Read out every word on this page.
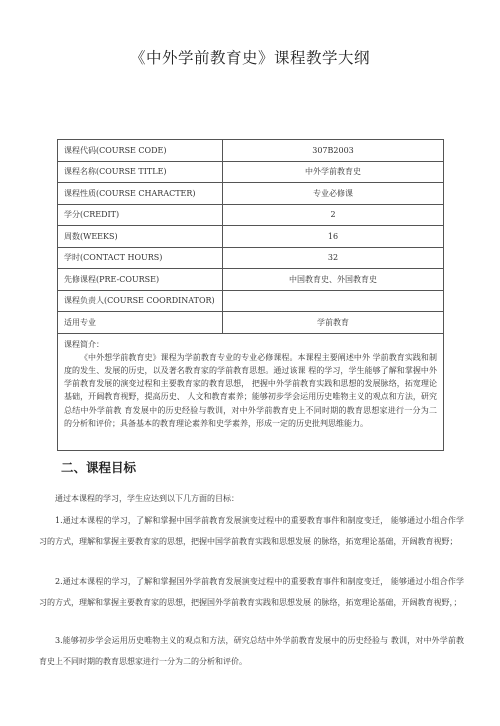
《中外学前教育史》课程教学大纲
课程代码(COURSE CODE)	307B2003
课程名称(COURSE TITLE)	中外学前教育史
课程性质(COURSE CHARACTER)	专业必修课
学分(CREDIT)	2
周数(WEEKS)	16
学时(CONTACT HOURS)	32
先修课程(PRE-COURSE)	中国教育史、外国教育史
课程负责人(COURSE COORDINATOR)	
适用专业	学前教育

课程简介：
《中外想学前教育史》课程为学前教育专业的专业必修课程。本课程主要阐述中外 学前教育实践和制度的发生、发展的历史，以及著名教育家的学前教育思想。通过该课 程的学习，学生能够了解和掌握中外学前教育发展的演变过程和主要教育家的教育思想， 把握中外学前教育实践和思想的发展脉络，拓宽理论基础，开阔教育视野，提高历史、 人文和教育素养；能够初步学会运用历史唯物主义的观点和方法，研究总结中外学前教 育发展中的历史经验与教训，对中外学前教育史上不同时期的教育思想家进行一分为二 的分析和评价；具备基本的教育理论素养和史学素养，形成一定的历史批判思维能力。	
二、课程目标
通过本课程的学习，学生应达到以下几方面的目标：
1.通过本课程的学习，了解和掌握中国学前教育发展演变过程中的重要教育事件和制度变迁， 能够通过小组合作学习的方式，理解和掌握主要教育家的思想，把握中国学前教育实践和思想发展 的脉络，拓宽理论基础，开阔教育视野；
2.通过本课程的学习，了解和掌握国外学前教育发展演变过程中的重要教育事件和制度变迁， 能够通过小组合作学习的方式，理解和掌握主要教育家的思想，把握国外学前教育实践和思想发展 的脉络，拓宽理论基础，开阔教育视野，；
3.能够初步学会运用历史唯物主义的观点和方法，研究总结中外学前教育发展中的历史经验与 教训，对中外学前教育史上不同时期的教育思想家进行一分为二的分析和评价。
